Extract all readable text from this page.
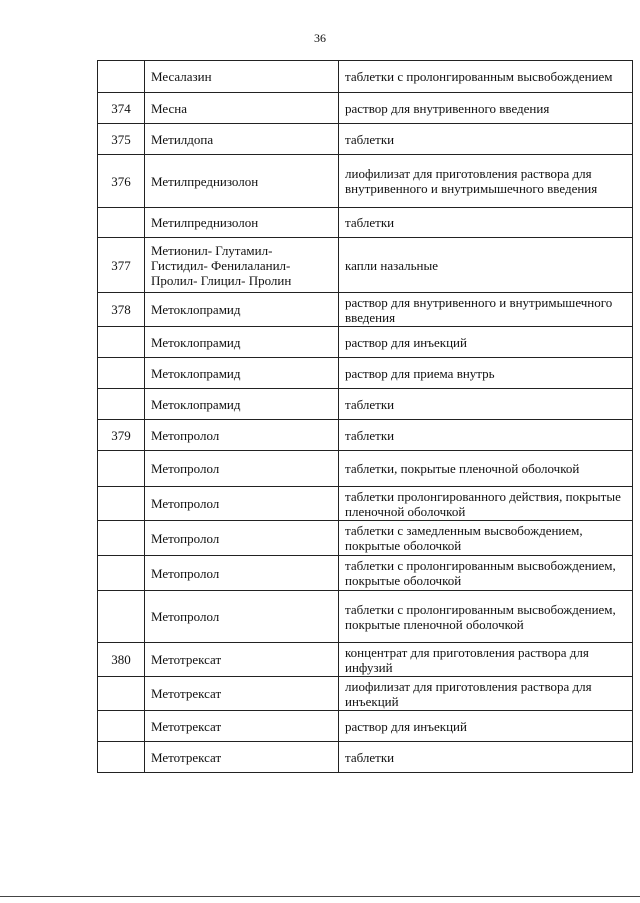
36
	Месалазин	таблетки с пролонгированным высвобождением
374	Месна	раствор для внутривенного введения
375	Метилдопа	таблетки
376	Метилпреднизолон	лиофилизат для приготовления раствора для внутривенного и внутримышечного введения
	Метилпреднизолон	таблетки
377	Метионил- Глутамил- Гистидил- Фенилаланил- Пролил- Глицил- Пролин	капли назальные
378	Метоклопрамид	раствор для внутривенного и внутримышечного введения
	Метоклопрамид	раствор для инъекций
	Метоклопрамид	раствор для приема внутрь
	Метоклопрамид	таблетки
379	Метопролол	таблетки
	Метопролол	таблетки, покрытые пленочной оболочкой
	Метопролол	таблетки пролонгированного действия, покрытые пленочной оболочкой
	Метопролол	таблетки с замедленным высвобождением, покрытые оболочкой
	Метопролол	таблетки с пролонгированным высвобождением, покрытые оболочкой
	Метопролол	таблетки с пролонгированным высвобождением, покрытые пленочной оболочкой
380	Метотрексат	концентрат для приготовления раствора для инфузий
	Метотрексат	лиофилизат для приготовления раствора для инъекций
	Метотрексат	раствор для инъекций
	Метотрексат	таблетки
